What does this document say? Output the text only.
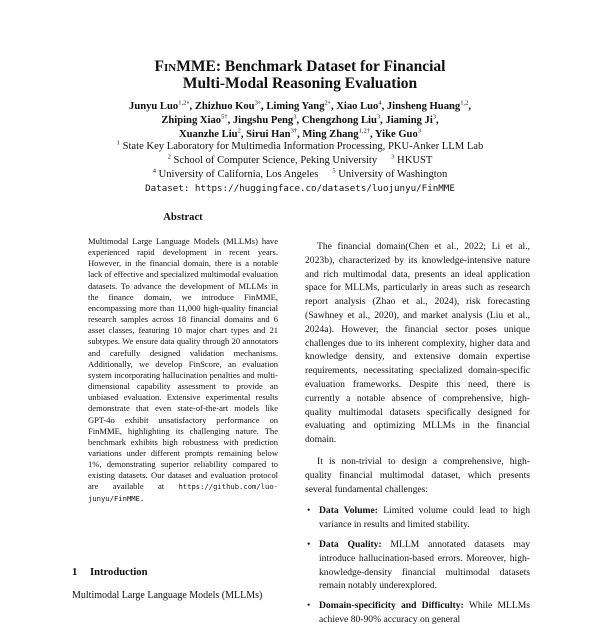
FinMME: Benchmark Dataset for Financial
Multi-Modal Reasoning Evaluation
Junyu Luo$^{1,2\circ}$, Zhizhuo Kou$^{3\circ}$, Liming Yang$^{2\circ}$, Xiao Luo$^4$, Jinsheng Huang$^{1,2}$,
Zhiping Xiao$^{5\dagger}$, Jingshu Peng$^3$, Chengzhong Liu$^3$, Jiaming Ji$^3$,
Xuanzhe Liu$^2$, Sirui Han$^{3\dagger}$, Ming Zhang$^{1,2\dagger}$, Yike Guo$^3$
$^1$ State Key Laboratory for Multimedia Information Processing, PKU-Anker LLM Lab
$^2$ School of Computer Science, Peking University $^3$ HKUST
$^4$ University of California, Los Angeles $^5$ University of Washington
Dataset: https://huggingface.co/datasets/luojunyu/FinMME
Abstract
Multimodal Large Language Models (MLLMs) have experienced rapid development in recent years. However, in the financial domain, there is a notable lack of effective and specialized multimodal evaluation datasets. To advance the development of MLLMs in the finance domain, we introduce FinMME, encompassing more than 11,000 high-quality financial research samples across 18 financial domains and 6 asset classes, featuring 10 major chart types and 21 subtypes. We ensure data quality through 20 annotators and carefully designed validation mechanisms. Additionally, we develop FinScore, an evaluation system incorporating hallucination penalties and multi-dimensional capability assessment to provide an unbiased evaluation. Extensive experimental results demonstrate that even state-of-the-art models like GPT-4o exhibit unsatisfactory performance on FinMME, highlighting its challenging nature. The benchmark exhibits high robustness with prediction variations under different prompts remaining below 1%, demonstrating superior reliability compared to existing datasets. Our dataset and evaluation protocol are available at https://github.com/luo-junyu/FinMME.
1 Introduction
Multimodal Large Language Models (MLLMs)

The financial domain(Chen et al., 2022; Li et al., 2023b), characterized by its knowledge-intensive nature and rich multimodal data, presents an ideal application space for MLLMs, particularly in areas such as research report analysis (Zhao et al., 2024), risk forecasting (Sawhney et al., 2020), and market analysis (Liu et al., 2024a). However, the financial sector poses unique challenges due to its inherent complexity, higher data and knowledge density, and extensive domain expertise requirements, necessitating specialized domain-specific evaluation frameworks. Despite this need, there is currently a notable absence of comprehensive, high-quality multimodal datasets specifically designed for evaluating and optimizing MLLMs in the financial domain.

It is non-trivial to design a comprehensive, high-quality financial multimodal dataset, which presents several fundamental challenges:

• Data Volume: Limited volume could lead to high variance in results and limited stability.
• Data Quality: MLLM annotated datasets may introduce hallucination-based errors. Moreover, high-knowledge-density financial multimodal datasets remain notably underexplored.
• Domain-specificity and Difficulty: While MLLMs achieve 80-90% accuracy on general
